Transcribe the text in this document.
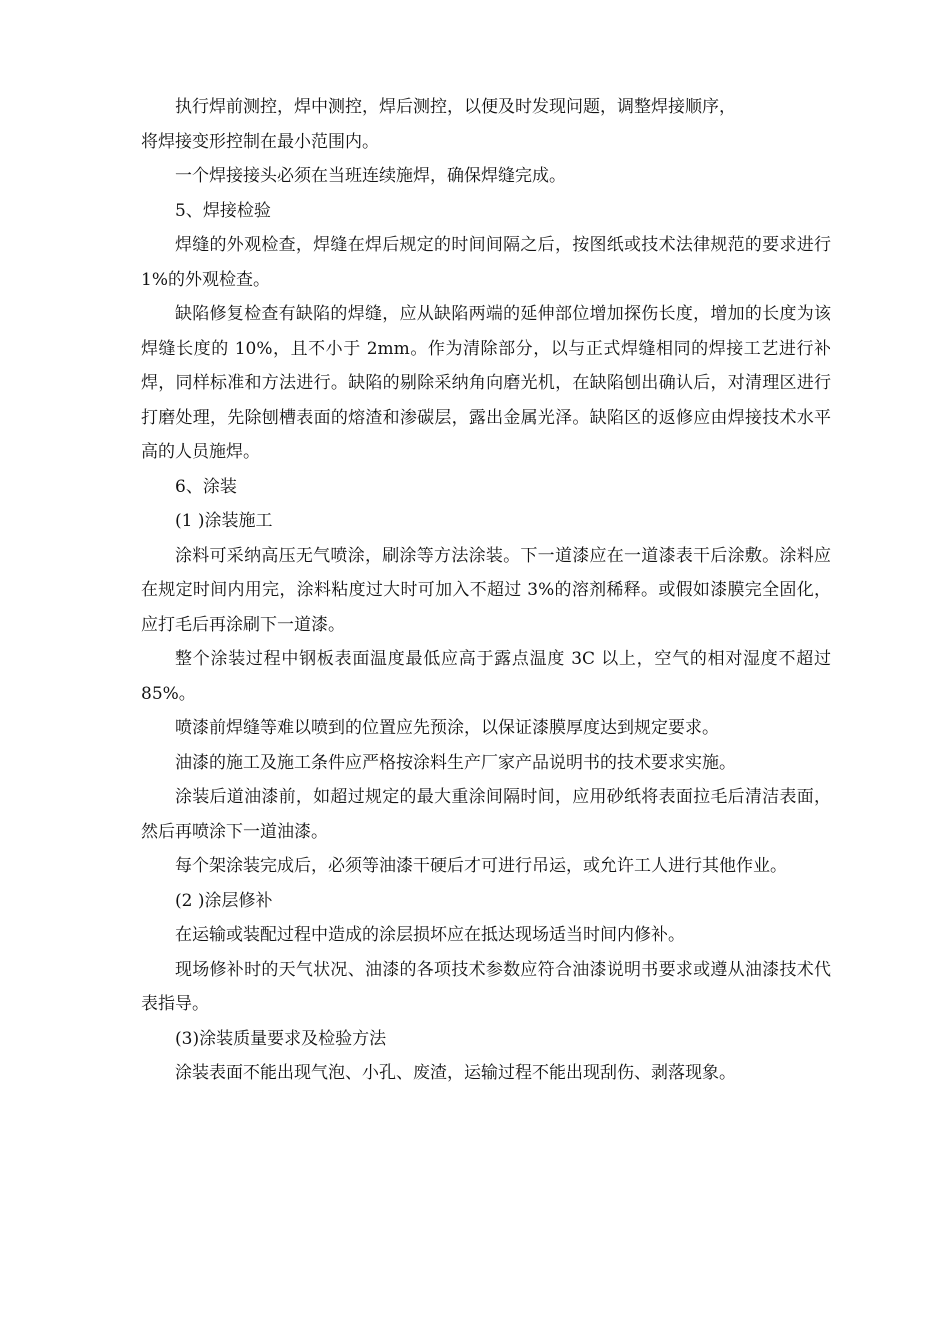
执行焊前测控，焊中测控，焊后测控，以便及时发现问题，调整焊接顺序，

将焊接变形控制在最小范围内。

一个焊接接头必须在当班连续施焊，确保焊缝完成。

5、焊接检验

焊缝的外观检查，焊缝在焊后规定的时间间隔之后，按图纸或技术法律规范的要求进行 1%的外观检查。

缺陷修复检查有缺陷的焊缝，应从缺陷两端的延伸部位增加探伤长度，增加的长度为该焊缝长度的 10%，且不小于 2mm。作为清除部分，以与正式焊缝相同的焊接工艺进行补焊，同样标准和方法进行。缺陷的剔除采纳角向磨光机，在缺陷刨出确认后，对清理区进行打磨处理，先除刨槽表面的熔渣和渗碳层，露出金属光泽。缺陷区的返修应由焊接技术水平高的人员施焊。

6、涂装

(1 )涂装施工

涂料可采纳高压无气喷涂，刷涂等方法涂装。下一道漆应在一道漆表干后涂敷。涂料应在规定时间内用完，涂料粘度过大时可加入不超过 3%的溶剂稀释。或假如漆膜完全固化，应打毛后再涂刷下一道漆。

整个涂装过程中钢板表面温度最低应高于露点温度 3C 以上，空气的相对湿度不超过 85%。

喷漆前焊缝等难以喷到的位置应先预涂，以保证漆膜厚度达到规定要求。

油漆的施工及施工条件应严格按涂料生产厂家产品说明书的技术要求实施。

涂装后道油漆前，如超过规定的最大重涂间隔时间，应用砂纸将表面拉毛后清洁表面，然后再喷涂下一道油漆。

每个架涂装完成后，必须等油漆干硬后才可进行吊运，或允许工人进行其他作业。

(2 )涂层修补

在运输或装配过程中造成的涂层损坏应在抵达现场适当时间内修补。

现场修补时的天气状况、油漆的各项技术参数应符合油漆说明书要求或遵从油漆技术代表指导。

(3)涂装质量要求及检验方法

涂装表面不能出现气泡、小孔、废渣，运输过程不能出现刮伤、剥落现象。
